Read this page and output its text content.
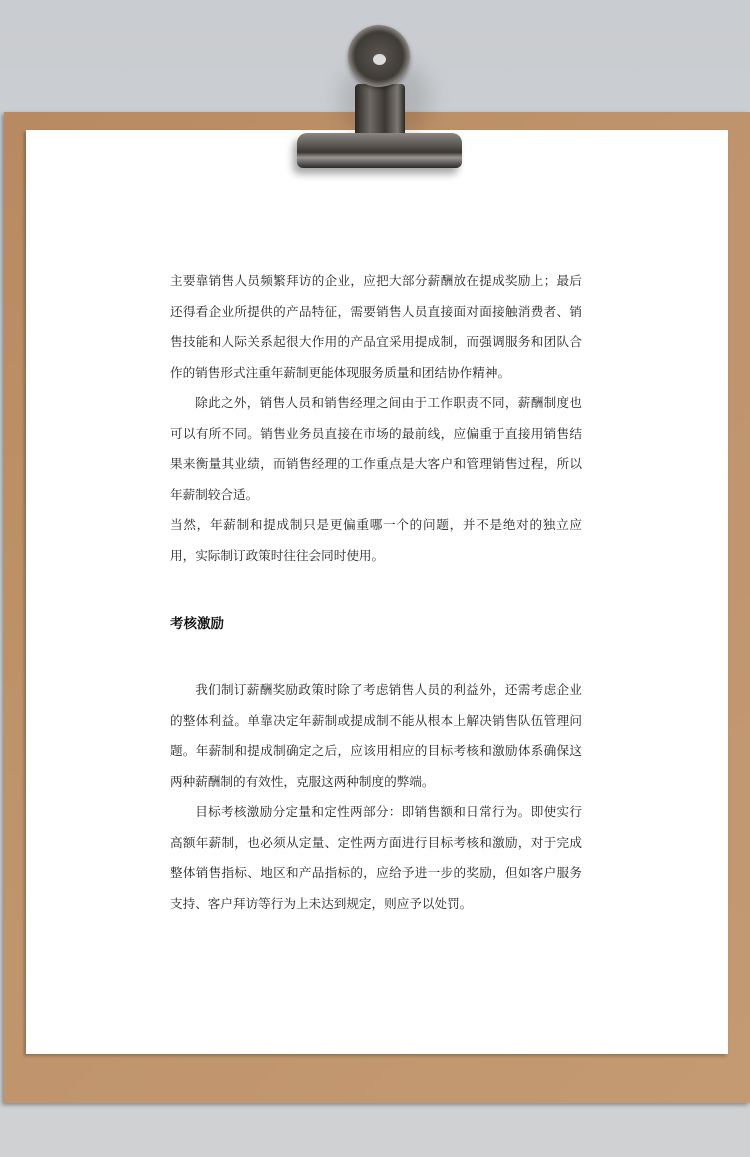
主要靠销售人员频繁拜访的企业，应把大部分薪酬放在提成奖励上；最后还得看企业所提供的产品特征，需要销售人员直接面对面接触消费者、销售技能和人际关系起很大作用的产品宜采用提成制，而强调服务和团队合作的销售形式注重年薪制更能体现服务质量和团结协作精神。

除此之外，销售人员和销售经理之间由于工作职责不同，薪酬制度也可以有所不同。销售业务员直接在市场的最前线，应偏重于直接用销售结果来衡量其业绩，而销售经理的工作重点是大客户和管理销售过程，所以年薪制较合适。

当然，年薪制和提成制只是更偏重哪一个的问题，并不是绝对的独立应用，实际制订政策时往往会同时使用。

考核激励

我们制订薪酬奖励政策时除了考虑销售人员的利益外，还需考虑企业的整体利益。单靠决定年薪制或提成制不能从根本上解决销售队伍管理问题。年薪制和提成制确定之后，应该用相应的目标考核和激励体系确保这两种薪酬制的有效性，克服这两种制度的弊端。

目标考核激励分定量和定性两部分：即销售额和日常行为。即使实行高额年薪制，也必须从定量、定性两方面进行目标考核和激励，对于完成整体销售指标、地区和产品指标的，应给予进一步的奖励，但如客户服务支持、客户拜访等行为上未达到规定，则应予以处罚。
